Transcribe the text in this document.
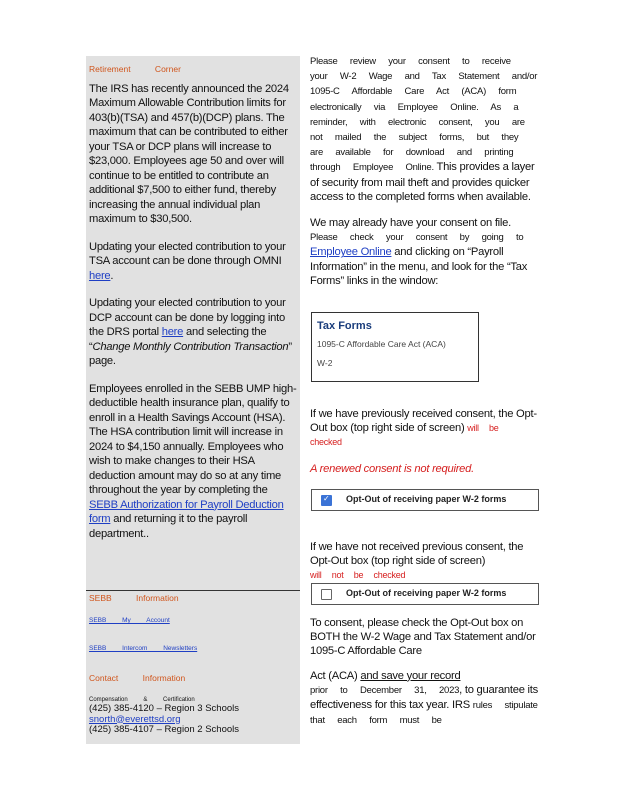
Retirement Corner

The IRS has recently announced the 2024 Maximum Allowable Contribution limits for 403(b)(TSA) and 457(b)(DCP) plans. The maximum that can be contributed to either your TSA or DCP plans will increase to $23,000. Employees age 50 and over will continue to be entitled to contribute an additional $7,500 to either fund, thereby increasing the annual individual plan maximum to $30,500.

Updating your elected contribution to your TSA account can be done through OMNI here.

Updating your elected contribution to your DCP account can be done by logging into the DRS portal here and selecting the “Change Monthly Contribution Transaction” page.

Employees enrolled in the SEBB UMP high-deductible health insurance plan, qualify to enroll in a Health Savings Account (HSA). The HSA contribution limit will increase in 2024 to $4,150 annually. Employees who wish to make changes to their HSA deduction amount may do so at any time throughout the year by completing the SEBB Authorization for Payroll Deduction form and returning it to the payroll department..

SEBB Information
SEBB My Account
SEBB Intercom Newsletters
Contact Information
Compensation & Certification
(425) 385-4120 – Region 3 Schools
snorth@everettsd.org
(425) 385-4107 – Region 2 Schools

Please review your consent to receive your W-2 Wage and Tax Statement and/or 1095-C Affordable Care Act (ACA) form electronically via Employee Online. As a reminder, with electronic consent, you are not mailed the subject forms, but they are available for download and printing through Employee Online. This provides a layer of security from mail theft and provides quicker access to the completed forms when available.

We may already have your consent on file.
Please check your consent by going to Employee Online and clicking on “Payroll Information” in the menu, and look for the “Tax Forms” links in the window:

Tax Forms
1095-C Affordable Care Act (ACA)
W-2

If we have previously received consent, the Opt-Out box (top right side of screen) will be checked

A renewed consent is not required.

✓
Opt-Out of receiving paper W-2 forms

If we have not received previous consent, the Opt-Out box (top right side of screen)
will not be checked

Opt-Out of receiving paper W-2 forms

To consent, please check the Opt-Out box on BOTH the W-2 Wage and Tax Statement and/or 1095-C Affordable Care

Act (ACA) and save your record
prior to December 31, 2023, to guarantee its effectiveness for this tax year. IRS rules stipulate that each form must be
